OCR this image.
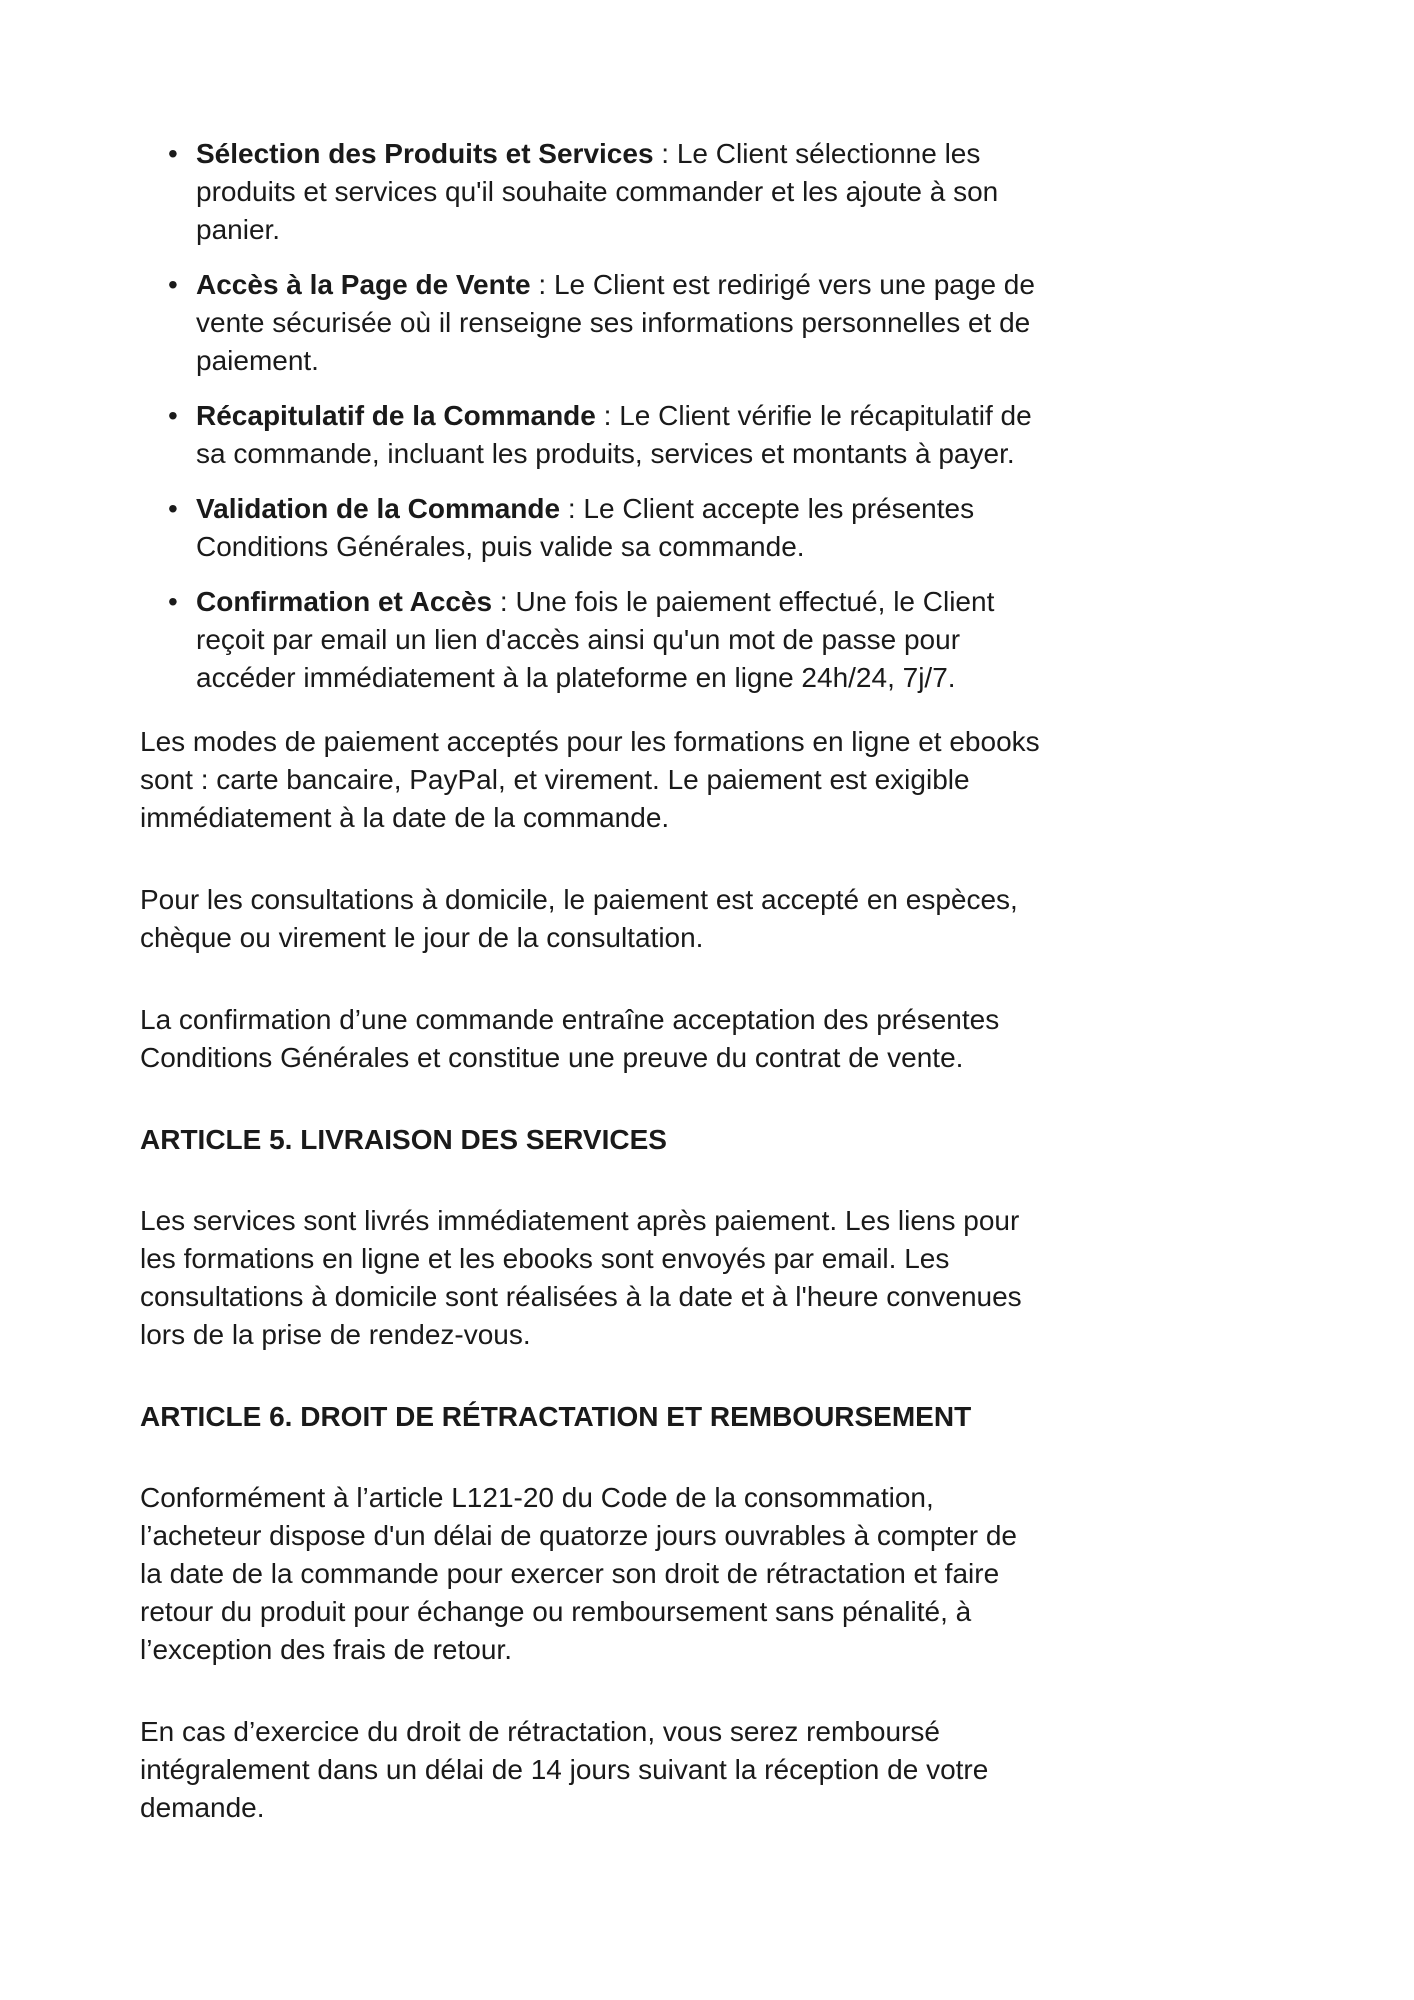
• Sélection des Produits et Services : Le Client sélectionne les
produits et services qu'il souhaite commander et les ajoute à son
panier.
• Accès à la Page de Vente : Le Client est redirigé vers une page de
vente sécurisée où il renseigne ses informations personnelles et de
paiement.
• Récapitulatif de la Commande : Le Client vérifie le récapitulatif de
sa commande, incluant les produits, services et montants à payer.
• Validation de la Commande : Le Client accepte les présentes
Conditions Générales, puis valide sa commande.
• Confirmation et Accès : Une fois le paiement effectué, le Client
reçoit par email un lien d'accès ainsi qu'un mot de passe pour
accéder immédiatement à la plateforme en ligne 24h/24, 7j/7.
Les modes de paiement acceptés pour les formations en ligne et ebooks
sont : carte bancaire, PayPal, et virement. Le paiement est exigible
immédiatement à la date de la commande.
Pour les consultations à domicile, le paiement est accepté en espèces,
chèque ou virement le jour de la consultation.
La confirmation d’une commande entraîne acceptation des présentes
Conditions Générales et constitue une preuve du contrat de vente.
ARTICLE 5. LIVRAISON DES SERVICES
Les services sont livrés immédiatement après paiement. Les liens pour
les formations en ligne et les ebooks sont envoyés par email. Les
consultations à domicile sont réalisées à la date et à l'heure convenues
lors de la prise de rendez-vous.
ARTICLE 6. DROIT DE RÉTRACTATION ET REMBOURSEMENT
Conformément à l’article L121-20 du Code de la consommation,
l’acheteur dispose d'un délai de quatorze jours ouvrables à compter de
la date de la commande pour exercer son droit de rétractation et faire
retour du produit pour échange ou remboursement sans pénalité, à
l’exception des frais de retour.
En cas d’exercice du droit de rétractation, vous serez remboursé
intégralement dans un délai de 14 jours suivant la réception de votre
demande.
